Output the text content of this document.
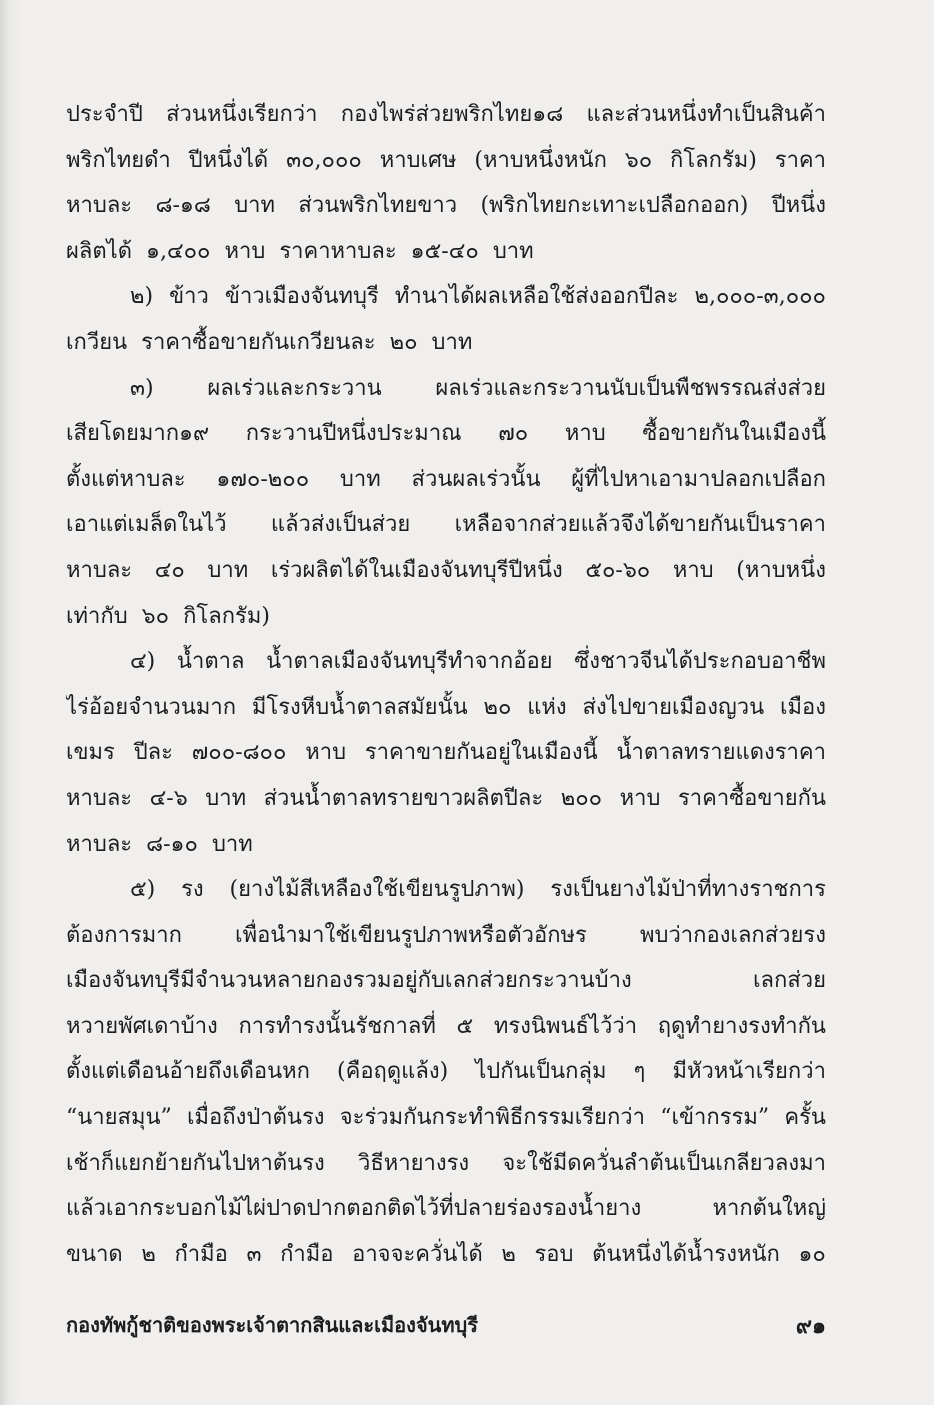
ประจำปี ส่วนหนึ่งเรียกว่า กองไพร่ส่วยพริกไทย๑๘ และส่วนหนึ่งทำเป็นสินค้า
พริกไทยดำ ปีหนึ่งได้ ๓๐,๐๐๐ หาบเศษ (หาบหนึ่งหนัก ๖๐ กิโลกรัม) ราคา
หาบละ ๘-๑๘ บาท ส่วนพริกไทยขาว (พริกไทยกะเทาะเปลือกออก) ปีหนึ่ง
ผลิตได้ ๑,๔๐๐ หาบ ราคาหาบละ ๑๕-๔๐ บาท
๒) ข้าว ข้าวเมืองจันทบุรี ทำนาได้ผลเหลือใช้ส่งออกปีละ ๒,๐๐๐-๓,๐๐๐
เกวียน ราคาซื้อขายกันเกวียนละ ๒๐ บาท
๓) ผลเร่วและกระวาน ผลเร่วและกระวานนับเป็นพืชพรรณส่งส่วย
เสียโดยมาก๑๙ กระวานปีหนึ่งประมาณ ๗๐ หาบ ซื้อขายกันในเมืองนี้
ตั้งแต่หาบละ ๑๗๐-๒๐๐ บาท ส่วนผลเร่วนั้น ผู้ที่ไปหาเอามาปลอกเปลือก
เอาแต่เมล็ดในไว้ แล้วส่งเป็นส่วย เหลือจากส่วยแล้วจึงได้ขายกันเป็นราคา
หาบละ ๔๐ บาท เร่วผลิตได้ในเมืองจันทบุรีปีหนึ่ง ๕๐-๖๐ หาบ (หาบหนึ่ง
เท่ากับ ๖๐ กิโลกรัม)
๔) น้ำตาล น้ำตาลเมืองจันทบุรีทำจากอ้อย ซึ่งชาวจีนได้ประกอบอาชีพ
ไร่อ้อยจำนวนมาก มีโรงหีบน้ำตาลสมัยนั้น ๒๐ แห่ง ส่งไปขายเมืองญวน เมือง
เขมร ปีละ ๗๐๐-๘๐๐ หาบ ราคาขายกันอยู่ในเมืองนี้ น้ำตาลทรายแดงราคา
หาบละ ๔-๖ บาท ส่วนน้ำตาลทรายขาวผลิตปีละ ๒๐๐ หาบ ราคาซื้อขายกัน
หาบละ ๘-๑๐ บาท
๕) รง (ยางไม้สีเหลืองใช้เขียนรูปภาพ) รงเป็นยางไม้ป่าที่ทางราชการ
ต้องการมาก เพื่อนำมาใช้เขียนรูปภาพหรือตัวอักษร พบว่ากองเลกส่วยรง
เมืองจันทบุรีมีจำนวนหลายกองรวมอยู่กับเลกส่วยกระวานบ้าง	เลกส่วย
หวายพัศเดาบ้าง การทำรงนั้นรัชกาลที่ ๕ ทรงนิพนธ์ไว้ว่า ฤดูทำยางรงทำกัน
ตั้งแต่เดือนอ้ายถึงเดือนหก (คือฤดูแล้ง) ไปกันเป็นกลุ่ม ๆ มีหัวหน้าเรียกว่า
“นายสมุน” เมื่อถึงป่าต้นรง จะร่วมกันกระทำพิธีกรรมเรียกว่า “เข้ากรรม” ครั้น
เช้าก็แยกย้ายกันไปหาต้นรง วิธีหายางรง จะใช้มีดควั่นลำต้นเป็นเกลียวลงมา
แล้วเอากระบอกไม้ไผ่ปาดปากตอกติดไว้ที่ปลายร่องรองน้ำยาง	หากต้นใหญ่
ขนาด ๒ กำมือ ๓ กำมือ อาจจะควั่นได้ ๒ รอบ ต้นหนึ่งได้น้ำรงหนัก ๑๐
กองทัพกู้ชาติของพระเจ้าตากสินและเมืองจันทบุรี	๙๑
